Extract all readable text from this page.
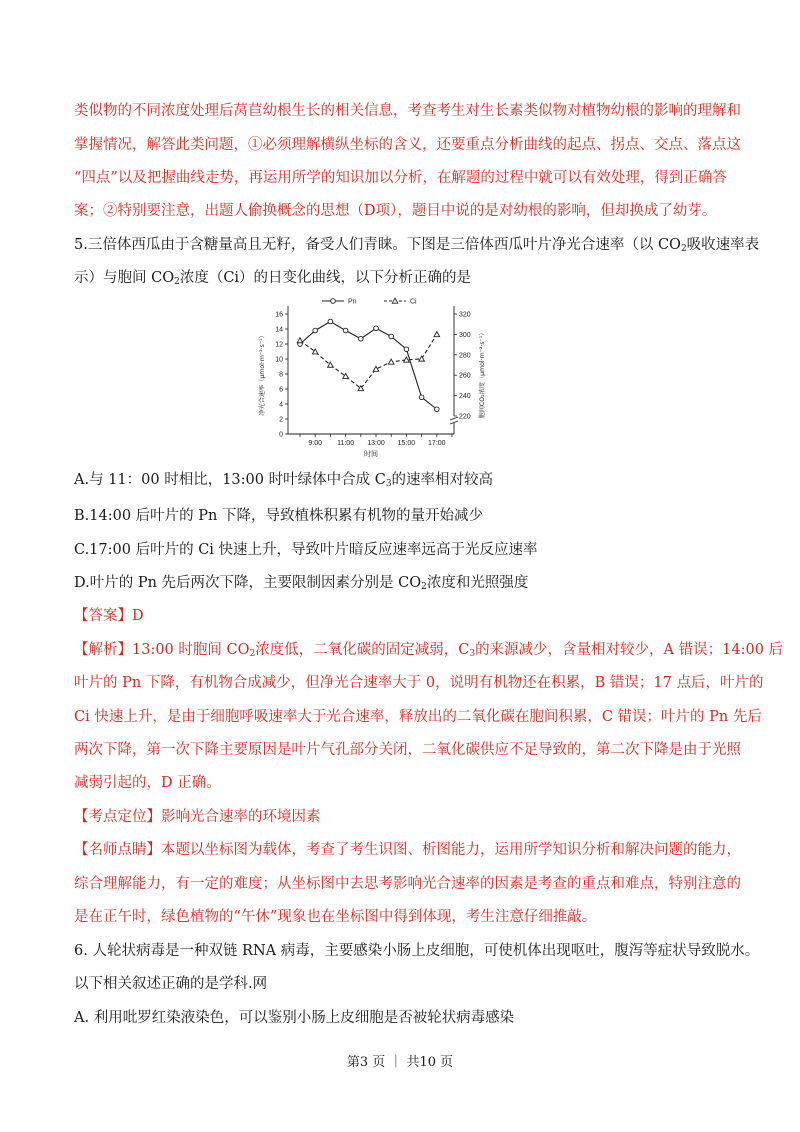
类似物的不同浓度处理后莴苣幼根生长的相关信息，考查考生对生长素类似物对植物幼根的影响的理解和
掌握情况，解答此类问题，①必须理解横纵坐标的含义，还要重点分析曲线的起点、拐点、交点、落点这
“四点”以及把握曲线走势，再运用所学的知识加以分析，在解题的过程中就可以有效处理，得到正确答
案；②特别要注意，出题人偷换概念的思想（D项），题目中说的是对幼根的影响，但却换成了幼芽。
5.三倍体西瓜由于含糖量高且无籽，备受人们青睐。下图是三倍体西瓜叶片净光合速率（以 $CO_2$吸收速率表
示）与胞间 $CO_2$浓度（Ci）的日变化曲线，以下分析正确的是
0
2
4
6
8
10
12
14
16
220
240
260
280
300
320
9:00 11:00 13:00 15:00 17:00
Pn	Ci
时间
净光合速率（μmol·m⁻²·s⁻¹）	胞间CO₂浓度（μmol·m⁻²·s⁻¹）
A.与 11：00 时相比，13:00 时叶绿体中合成 $C_3$的速率相对较高
B.14:00 后叶片的 Pn 下降，导致植株积累有机物的量开始减少
C.17:00 后叶片的 Ci 快速上升，导致叶片暗反应速率远高于光反应速率
D.叶片的 Pn 先后两次下降，主要限制因素分别是 $CO_2$浓度和光照强度
【答案】D
【解析】13:00 时胞间 $CO_2$浓度低，二氧化碳的固定减弱，$C_3$的来源减少，含量相对较少，A 错误；14:00 后
叶片的 Pn 下降，有机物合成减少，但净光合速率大于 0，说明有机物还在积累，B 错误；17 点后，叶片的
Ci 快速上升，是由于细胞呼吸速率大于光合速率，释放出的二氧化碳在胞间积累，C 错误；叶片的 Pn 先后
两次下降，第一次下降主要原因是叶片气孔部分关闭，二氧化碳供应不足导致的，第二次下降是由于光照
减弱引起的，D 正确。
【考点定位】影响光合速率的环境因素
【名师点睛】本题以坐标图为载体，考查了考生识图、析图能力，运用所学知识分析和解决问题的能力，
综合理解能力，有一定的难度；从坐标图中去思考影响光合速率的因素是考查的重点和难点，特别注意的
是在正午时，绿色植物的“午休”现象也在坐标图中得到体现，考生注意仔细推敲。
6. 人轮状病毒是一种双链 RNA 病毒，主要感染小肠上皮细胞，可使机体出现呕吐，腹泻等症状导致脱水。
以下相关叙述正确的是学科.网
A. 利用吡罗红染液染色，可以鉴别小肠上皮细胞是否被轮状病毒感染
第3 页 ｜ 共10 页
